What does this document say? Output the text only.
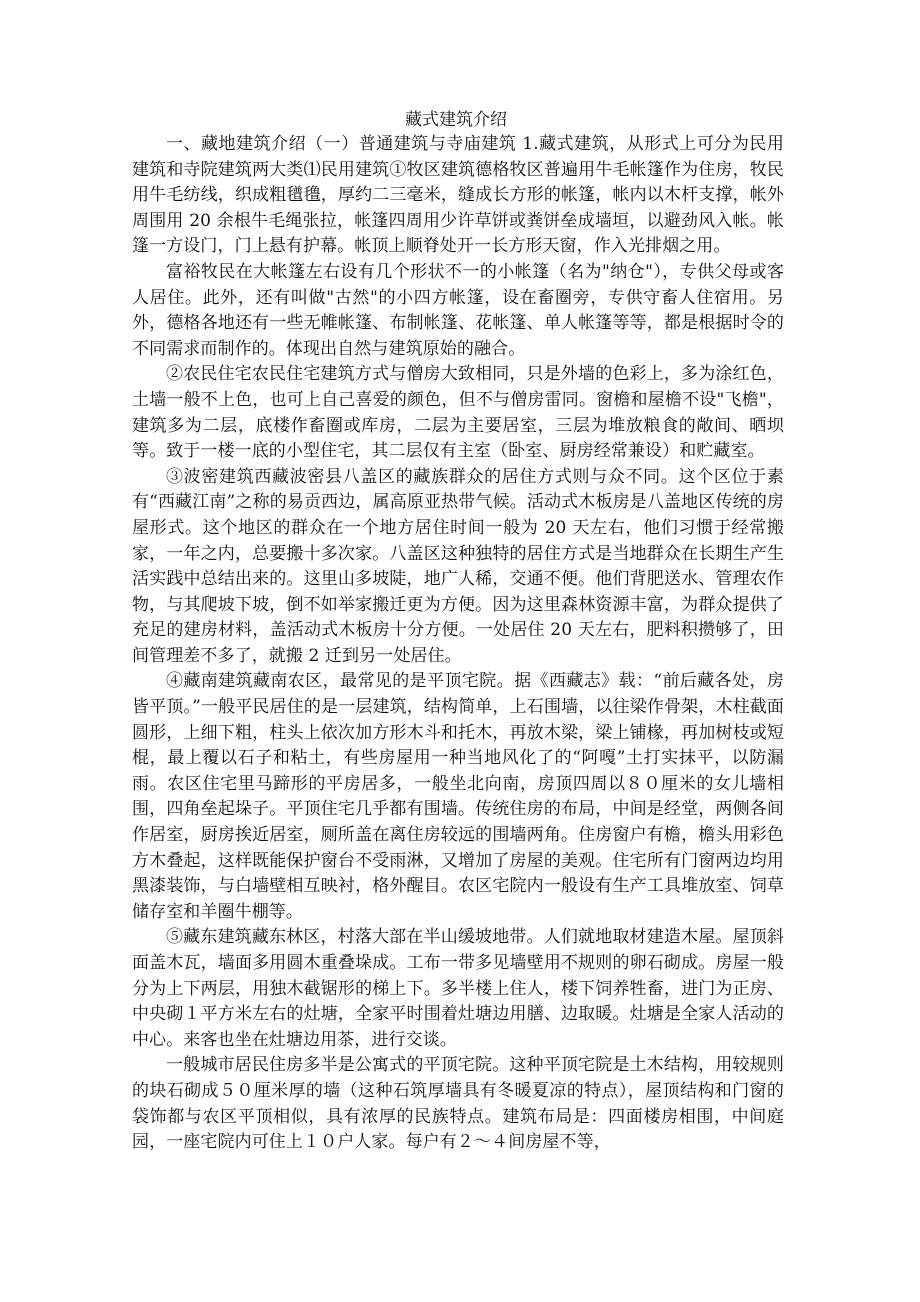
藏式建筑介绍

一、藏地建筑介绍（一）普通建筑与寺庙建筑 1.藏式建筑，从形式上可分为民用建筑和寺院建筑两大类⑴民用建筑①牧区建筑德格牧区普遍用牛毛帐篷作为住房，牧民用牛毛纺线，织成粗氆氇，厚约二三毫米，缝成长方形的帐篷，帐内以木杆支撑，帐外周围用 20 余根牛毛绳张拉，帐篷四周用少许草饼或粪饼垒成墙垣，以避劲风入帐。帐篷一方设门，门上悬有护幕。帐顶上顺脊处开一长方形天窗，作入光排烟之用。

富裕牧民在大帐篷左右设有几个形状不一的小帐篷（名为"纳仓"），专供父母或客人居住。此外，还有叫做"古然"的小四方帐篷，设在畜圈旁，专供守畜人住宿用。另外，德格各地还有一些无帷帐篷、布制帐篷、花帐篷、单人帐篷等等，都是根据时令的不同需求而制作的。体现出自然与建筑原始的融合。

②农民住宅农民住宅建筑方式与僧房大致相同，只是外墙的色彩上，多为涂红色，土墙一般不上色，也可上自己喜爱的颜色，但不与僧房雷同。窗檐和屋檐不设"飞檐"，建筑多为二层，底楼作畜圈或库房，二层为主要居室，三层为堆放粮食的敞间、晒坝等。致于一楼一底的小型住宅，其二层仅有主室（卧室、厨房经常兼设）和贮藏室。

③波密建筑西藏波密县八盖区的藏族群众的居住方式则与众不同。这个区位于素有“西藏江南”之称的易贡西边，属高原亚热带气候。活动式木板房是八盖地区传统的房屋形式。这个地区的群众在一个地方居住时间一般为 20 天左右，他们习惯于经常搬家，一年之内，总要搬十多次家。八盖区这种独特的居住方式是当地群众在长期生产生活实践中总结出来的。这里山多坡陡，地广人稀，交通不便。他们背肥送水、管理农作物，与其爬坡下坡，倒不如举家搬迁更为方便。因为这里森林资源丰富，为群众提供了充足的建房材料，盖活动式木板房十分方便。一处居住 20 天左右，肥料积攒够了，田间管理差不多了，就搬 2 迁到另一处居住。

④藏南建筑藏南农区，最常见的是平顶宅院。据《西藏志》载：“前后藏各处，房皆平顶。”一般平民居住的是一层建筑，结构简单，上石围墙，以往梁作骨架，木柱截面圆形，上细下粗，柱头上依次加方形木斗和托木，再放木梁，梁上铺椽，再加树枝或短棍，最上覆以石子和粘土，有些房屋用一种当地风化了的“阿嘎”土打实抹平，以防漏雨。农区住宅里马蹄形的平房居多，一般坐北向南，房顶四周以８０厘米的女儿墙相围，四角垒起垛子。平顶住宅几乎都有围墙。传统住房的布局，中间是经堂，两侧各间作居室，厨房挨近居室，厕所盖在离住房较远的围墙两角。住房窗户有檐，檐头用彩色方木叠起，这样既能保护窗台不受雨淋，又增加了房屋的美观。住宅所有门窗两边均用黑漆装饰，与白墙壁相互映衬，格外醒目。农区宅院内一般设有生产工具堆放室、饲草储存室和羊圈牛棚等。

⑤藏东建筑藏东林区，村落大部在半山缓坡地带。人们就地取材建造木屋。屋顶斜面盖木瓦，墙面多用圆木重叠垛成。工布一带多见墙壁用不规则的卵石砌成。房屋一般分为上下两层，用独木截锯形的梯上下。多半楼上住人，楼下饲养牲畜，进门为正房、中央砌１平方米左右的灶塘，全家平时围着灶塘边用膳、边取暖。灶塘是全家人活动的中心。来客也坐在灶塘边用茶，进行交谈。

一般城市居民住房多半是公寓式的平顶宅院。这种平顶宅院是土木结构，用较规则的块石砌成５０厘米厚的墙（这种石筑厚墙具有冬暖夏凉的特点），屋顶结构和门窗的袋饰都与农区平顶相似，具有浓厚的民族特点。建筑布局是：四面楼房相围，中间庭园，一座宅院内可住上１０户人家。每户有２～４间房屋不等，
